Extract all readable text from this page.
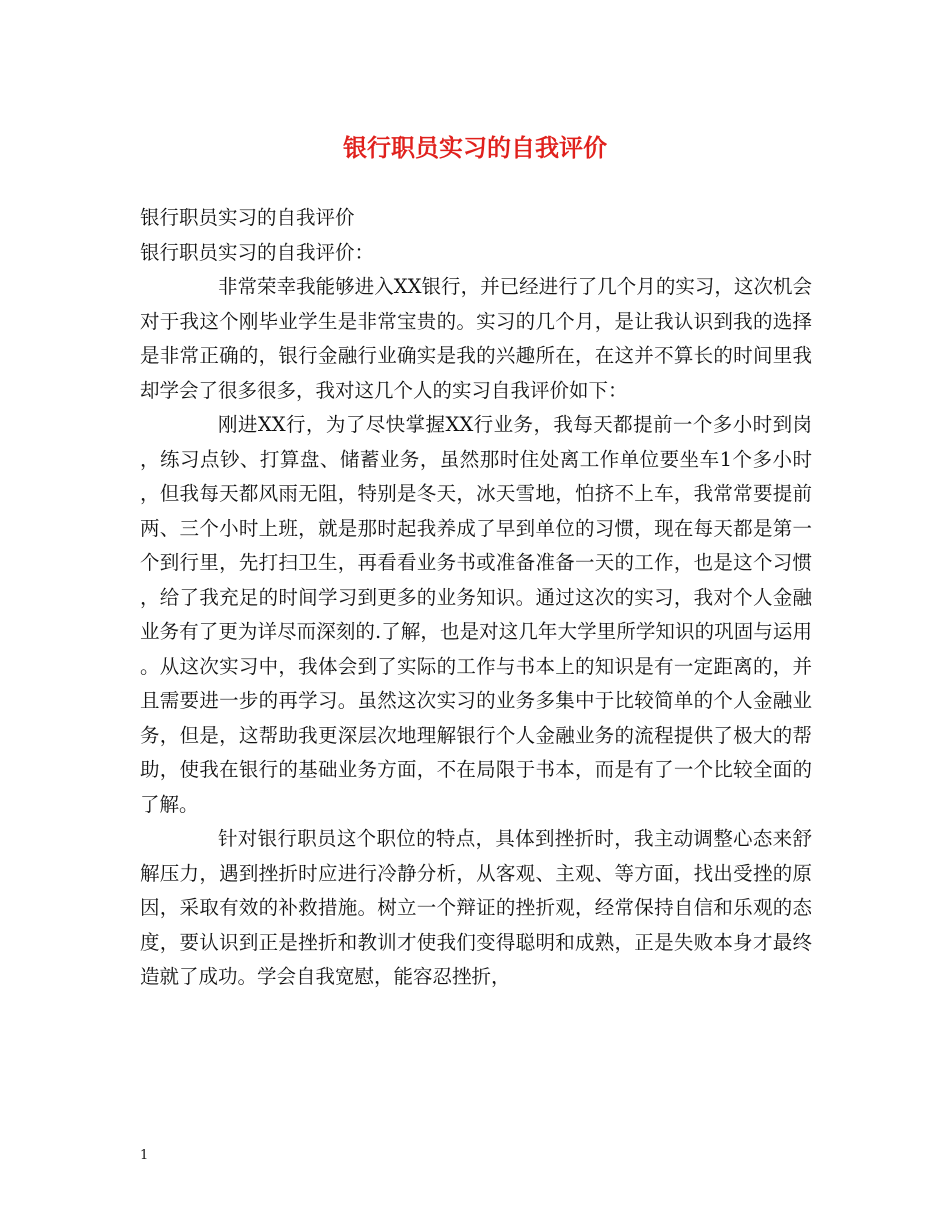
银行职员实习的自我评价

银行职员实习的自我评价

银行职员实习的自我评价：

非常荣幸我能够进入XX银行，并已经进行了几个月的实习，这次机会对于我这个刚毕业学生是非常宝贵的。实习的几个月，是让我认识到我的选择是非常正确的，银行金融行业确实是我的兴趣所在，在这并不算长的时间里我却学会了很多很多，我对这几个人的实习自我评价如下：

刚进XX行，为了尽快掌握XX行业务，我每天都提前一个多小时到岗，练习点钞、打算盘、储蓄业务，虽然那时住处离工作单位要坐车1个多小时，但我每天都风雨无阻，特别是冬天，冰天雪地，怕挤不上车，我常常要提前两、三个小时上班，就是那时起我养成了早到单位的习惯，现在每天都是第一个到行里，先打扫卫生，再看看业务书或准备准备一天的工作，也是这个习惯，给了我充足的时间学习到更多的业务知识。通过这次的实习，我对个人金融业务有了更为详尽而深刻的.了解，也是对这几年大学里所学知识的巩固与运用。从这次实习中，我体会到了实际的工作与书本上的知识是有一定距离的，并且需要进一步的再学习。虽然这次实习的业务多集中于比较简单的个人金融业务，但是，这帮助我更深层次地理解银行个人金融业务的流程提供了极大的帮助，使我在银行的基础业务方面，不在局限于书本，而是有了一个比较全面的了解。

针对银行职员这个职位的特点，具体到挫折时，我主动调整心态来舒解压力，遇到挫折时应进行冷静分析，从客观、主观、等方面，找出受挫的原因，采取有效的补救措施。树立一个辩证的挫折观，经常保持自信和乐观的态度，要认识到正是挫折和教训才使我们变得聪明和成熟，正是失败本身才最终造就了成功。学会自我宽慰，能容忍挫折，

1
